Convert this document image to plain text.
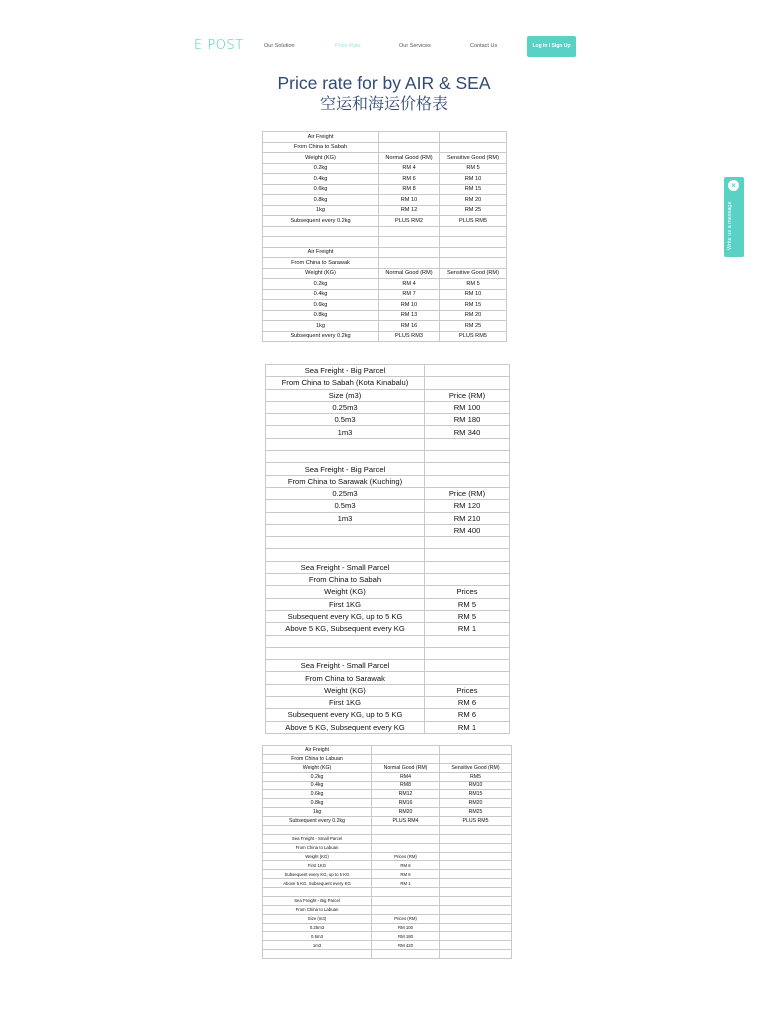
E POST	Our Solution	Price Rate	Our Services	Contact Us	Log In / Sign Up
Price rate for by AIR & SEA
空运和海运价格表
Air Freight		
From China to Sabah		
Weight (KG)	Normal Good (RM)	Sensitive Good (RM)
0.2kg	RM 4	RM 5
0.4kg	RM 6	RM 10
0.6kg	RM 8	RM 15
0.8kg	RM 10	RM 20
1kg	RM 12	RM 25
Subsequent every 0.2kg	PLUS RM2	PLUS RM5

Air Freight		
From China to Sarawak		
Weight (KG)	Normal Good (RM)	Sensitive Good (RM)
0.2kg	RM 4	RM 5
0.4kg	RM 7	RM 10
0.6kg	RM 10	RM 15
0.8kg	RM 13	RM 20
1kg	RM 16	RM 25
Subsequent every 0.2kg	PLUS RM3	PLUS RM5
Sea Freight - Big Parcel	
From China to Sabah (Kota Kinabalu)	
Size (m3)	Price (RM)
0.25m3	RM 100
0.5m3	RM 180
1m3	RM 340

Sea Freight - Big Parcel	
From China to Sarawak (Kuching)	
0.25m3	Price (RM)
0.5m3	RM 120
1m3	RM 210
	RM 400

Sea Freight - Small Parcel	
From China to Sabah	
Weight (KG)	Prices
First 1KG	RM 5
Subsequent every KG, up to 5 KG	RM 5
Above 5 KG, Subsequent every KG	RM 1

Sea Freight - Small Parcel	
From China to Sarawak	
Weight (KG)	Prices
First 1KG	RM 6
Subsequent every KG, up to 5 KG	RM 6
Above 5 KG, Subsequent every KG	RM 1
Air Freight		
From China to Labuan		
Weight (KG)	Normal Good (RM)	Sensitive Good (RM)
0.2kg	RM4	RM5
0.4kg	RM8	RM10
0.6kg	RM12	RM15
0.8kg	RM16	RM20
1kg	RM20	RM25
Subsequent every 0.2kg	PLUS RM4	PLUS RM5

Sea Freight - Small Parcel		
From China to Labuan		
Weight (KG)	Prices (RM)	
First 1KG	RM 6	
Subsequent every KG, up to 5 KG	RM 6	
Above 5 KG, Subsequent every KG	RM 1	

Sea Freight - Big Parcel		
From China to Labuan		
Size (m3)	Prices (RM)	
0.25m3	RM 100	
0.5m3	RM 180	
1m3	RM 420	

×
Write us a message
